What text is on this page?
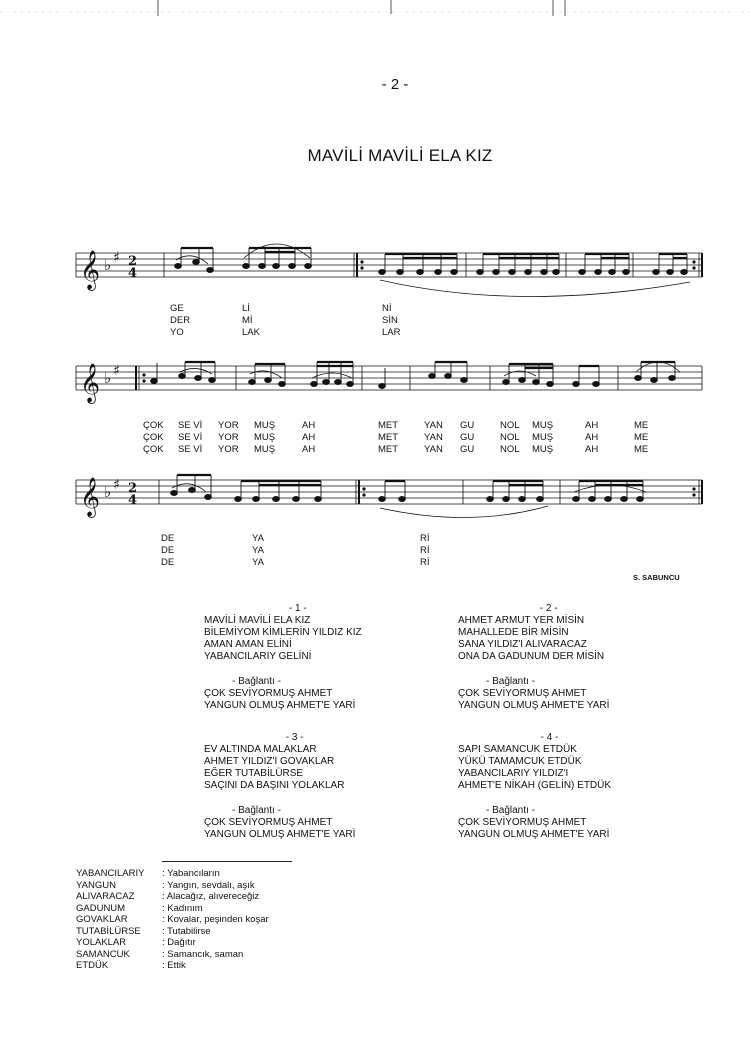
- 2 -
MAVİLİ MAVİLİ ELA KIZ
𝄞
𝄞
𝄞
♭ ♯
♭ ♯
♭ ♯
2
4
2
4
GE
DER
YO
Lİ
Mİ
LAK
Nİ
SİN
LAR
ÇOK
ÇOK
ÇOK
SE Vİ
SE Vİ
SE Vİ
YOR
YOR
YOR
MUŞ
MUŞ
MUŞ
AH
AH
AH
MET
MET
MET
YAN
YAN
YAN
GU
GU
GU
NOL
NOL
NOL
MUŞ
MUŞ
MUŞ
AH
AH
AH
ME
ME
ME
DE
DE
DE
YA
YA
YA
Rİ
Rİ
Rİ
S. SABUNCU
- 1 -
MAVİLİ MAVİLİ ELA KIZ
BİLEMİYOM KİMLERİN YILDIZ KIZ
AMAN AMAN ELİNİ
YABANCILARIY GELİNİ
- Bağlantı -
ÇOK SEVİYORMUŞ AHMET
YANGUN OLMUŞ AHMET'E YARİ
- 2 -
AHMET ARMUT YER MİSİN
MAHALLEDE BİR MİSİN
SANA YILDIZ'I ALIVARACAZ
ONA DA GADUNUM DER MİSİN
- Bağlantı -
ÇOK SEVİYORMUŞ AHMET
YANGUN OLMUŞ AHMET'E YARİ
- 3 -
EV ALTINDA MALAKLAR
AHMET YILDIZ'I GOVAKLAR
EĞER TUTABİLÜRSE
SAÇINI DA BAŞINI YOLAKLAR
- Bağlantı -
ÇOK SEVİYORMUŞ AHMET
YANGUN OLMUŞ AHMET'E YARİ
- 4 -
SAPI SAMANCUK ETDÜK
YÜKÜ TAMAMCUK ETDÜK
YABANCILARIY YILDIZ'I
AHMET'E NİKAH (GELİN) ETDÜK
- Bağlantı -
ÇOK SEVİYORMUŞ AHMET
YANGUN OLMUŞ AHMET'E YARİ
YABANCILARIY	: Yabancıların
YANGUN	: Yangın, sevdalı, aşık
ALIVARACAZ	: Alacağız, alıvereceğiz
GADUNUM	: Kadınım
GOVAKLAR	: Kovalar, peşinden koşar
TUTABİLÜRSE	: Tutabilirse
YOLAKLAR	: Dağıtır
SAMANCUK	: Samancık, saman
ETDÜK	: Ettik
